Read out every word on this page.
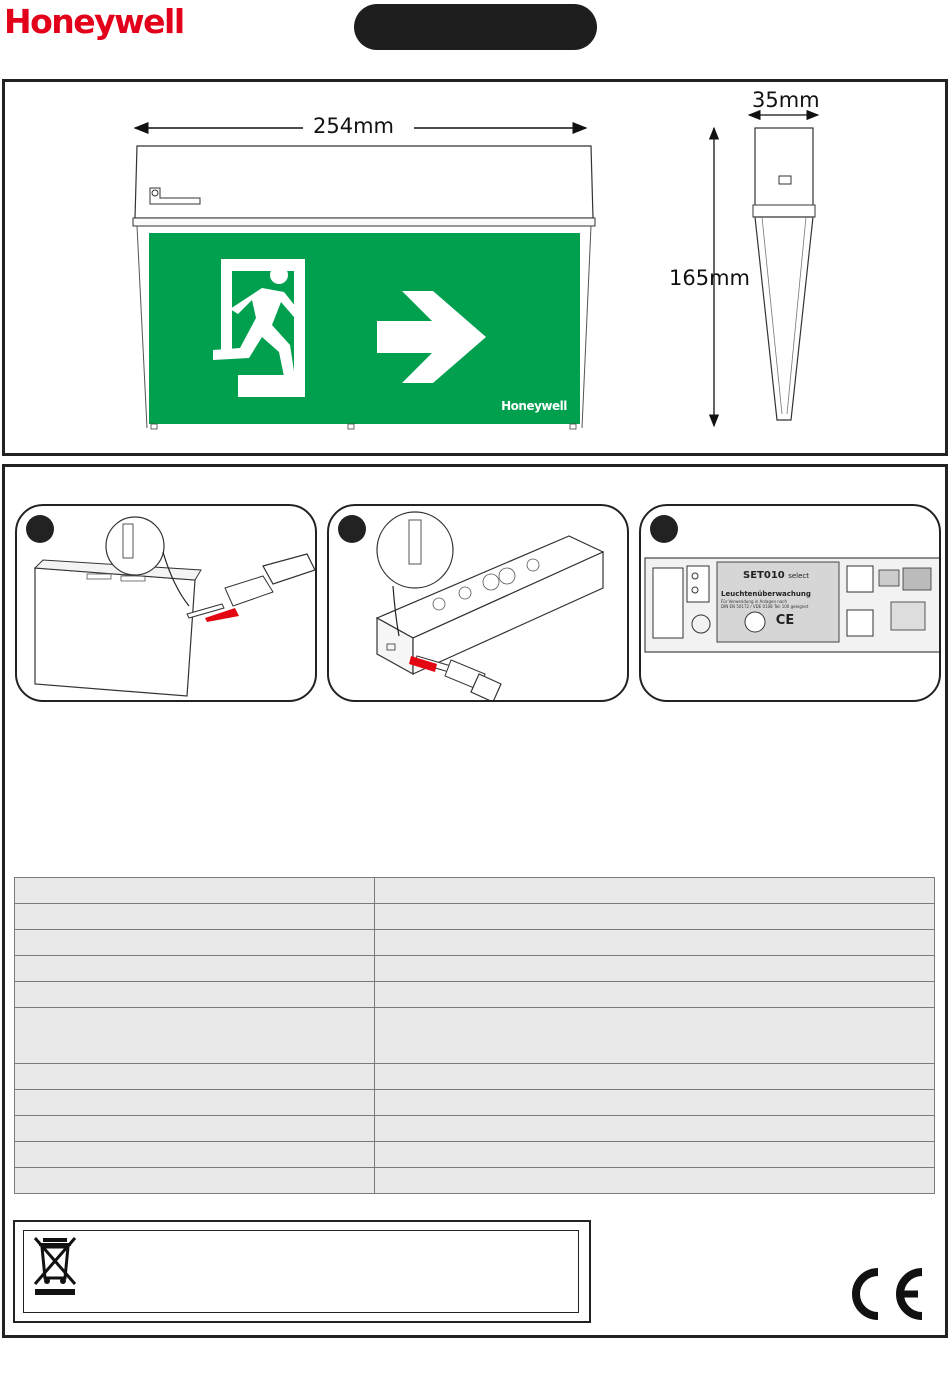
Honeywell
Honeywell
254mm
35mm
165mm
CE
SET010 select
Leuchtenüberwachung
Für Verwendung in Anlagen nach
DIN EN 50172 / VDE 0108 Teil 100 geeignet
